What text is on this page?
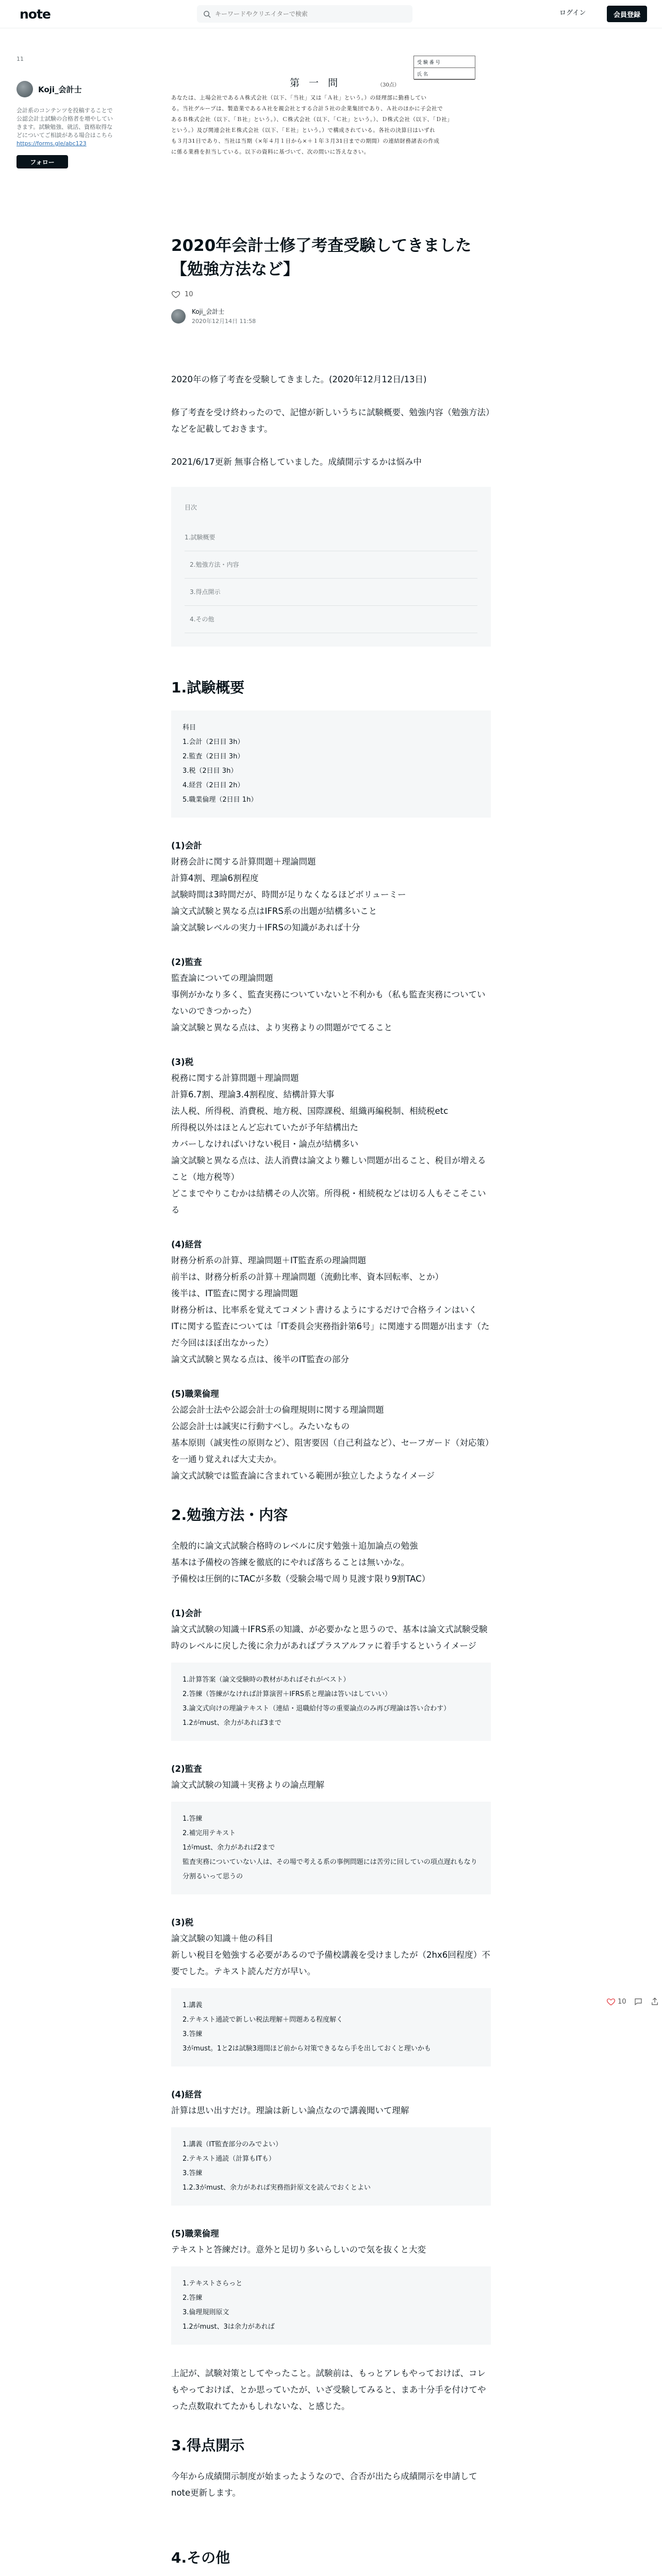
note
キーワードやクリエイターで検索	ログイン	会員登録
11
Koji_会計士
会計系のコンテンツを投稿することで公認会計士試験の合格者を増やしていきます。試験勉強、就活、資格取得などについてご相談がある場合はこちら https://forms.gle/abc123
フォロー
第 一 問	（30点）
受 験 番 号
氏 名
あなたは、上場会社であるＡ株式会社（以下、「当社」又は「Ａ社」という。）の経理部に勤務してい
る。当社グループは、製造業であるＡ社を親会社とする合計５社の企業集団であり、Ａ社のほかに子会社で
あるＢ株式会社（以下、「Ｂ社」という。）、Ｃ株式会社（以下、「Ｃ社」という。）、Ｄ株式会社（以下、「Ｄ社」
という。）及び関連会社Ｅ株式会社（以下、「Ｅ社」という。）で構成されている。各社の決算日はいずれ
も３月31日であり、当社は当期（×年４月１日から×＋１年３月31日までの期間）の連結財務諸表の作成
に係る業務を担当している。以下の資料に基づいて、次の問いに答えなさい。
2020年会計士修了考査受験してきました【勉強方法など】
10
Koji_会計士
2020年12月14日 11:58

2020年の修了考査を受験してきました。(2020年12月12日/13日)

修了考査を受け終わったので、記憶が新しいうちに試験概要、勉強内容（勉強方法）などを記載しておきます。

2021/6/17更新 無事合格していました。成績開示するかは悩み中

目次
1.試験概要
2.勉強方法・内容
3.得点開示
4.その他
1.試験概要
科目
1.会計（2日目 3h）
2.監査（2日目 3h）
3.税（2日目 3h）
4.経営（2日目 2h）
5.職業倫理（2日目 1h）
(1)会計
財務会計に関する計算問題＋理論問題
計算4割、理論6割程度
試験時間は3時間だが、時間が足りなくなるほどボリューミー
論文式試験と異なる点はIFRS系の出題が結構多いこと
論文試験レベルの実力＋IFRSの知識があれば十分
(2)監査
監査論についての理論問題
事例がかなり多く、監査実務についていないと不利かも（私も監査実務についていないのできつかった）
論文試験と異なる点は、より実務よりの問題がでてること
(3)税
税務に関する計算問題＋理論問題
計算6.7割、理論3.4割程度、結構計算大事
法人税、所得税、消費税、地方税、国際課税、組織再編税制、相続税etc
所得税以外はほとんど忘れていたが予年結構出た
カバーしなければいけない税目・論点が結構多い
論文試験と異なる点は、法人消費は論文より難しい問題が出ること、税目が増えること（地方税等）
どこまでやりこむかは結構その人次第。所得税・相続税などは切る人もそこそこいる
(4)経営
財務分析系の計算、理論問題＋IT監査系の理論問題
前半は、財務分析系の計算＋理論問題（流動比率、資本回転率、とか）
後半は、IT監査に関する理論問題
財務分析は、比率系を覚えてコメント書けるようにするだけで合格ラインはいく
ITに関する監査については「IT委員会実務指針第6号」に関連する問題が出ます（ただ今回はほぼ出なかった）
論文式試験と異なる点は、後半のIT監査の部分
(5)職業倫理
公認会計士法や公認会計士の倫理規則に関する理論問題
公認会計士は誠実に行動すべし。みたいなもの
基本原則（誠実性の原則など）、阻害要因（自己利益など）、セーフガード（対応策）を一通り覚えれば大丈夫か。
論文式試験では監査論に含まれている範囲が独立したようなイメージ
2.勉強方法・内容
全般的に論文式試験合格時のレベルに戻す勉強＋追加論点の勉強
基本は予備校の答練を徹底的にやれば落ちることは無いかな。
予備校は圧倒的にTACが多数（受験会場で周り見渡す限り9割TAC）
(1)会計
論文式試験の知識＋IFRS系の知識、が必要かなと思うので、基本は論文式試験受験時のレベルに戻した後に余力があればプラスアルファに着手するというイメージ
1.計算答案（論文受験時の教材があればそれがベスト）
2.答練（答練がなければ計算演習＋IFRS系と理論は答いはしていい）
3.論文式向けの理論テキスト（連結・退職給付等の重要論点のみ再び理論は答い合わす）
1.2がmust、余力があれば3まで
(2)監査
論文式試験の知識＋実務よりの論点理解
1.答練
2.補完用テキスト
1がmust、余力があれば2まで
監査実務についていない人は、その場で考える系の事例問題には苦労に回していの項点遅れもなり分割るいって思うの
(3)税
論文試験の知識＋他の科目
新しい税目を勉強する必要があるので予備校講義を受けましたが（2hx6回程度）不要でした。テキスト読んだ方が早い。
1.講義
2.テキスト通読で新しい税法理解＋問題ある程度解く
3.答練
3がmust。1と2は試験3週間ほど前から対策できるなら手を出しておくと理いかも
(4)経営
計算は思い出すだけ。理論は新しい論点なので講義聞いて理解
1.講義（IT監査部分のみでよい）
2.テキスト通読（計算もITも）
3.答練
1.2.3がmust、余力があれば実務指針原文を読んでおくとよい
(5)職業倫理
テキストと答練だけ。意外と足切り多いらしいので気を抜くと大変
1.テキストさらっと
2.答練
3.倫理規則原文
1.2がmust、3は余力があれば

上記が、試験対策としてやったこと。試験前は、もっとアレもやっておけば、コレもやっておけば、とか思っていたが、いざ受験してみると、まあ十分手を付けてやった点数取れてたかもしれないな、と感じた。

3.得点開示

今年から成績開示制度が始まったようなので、合否が出たら成績開示を申請してnote更新します。

4.その他
10
